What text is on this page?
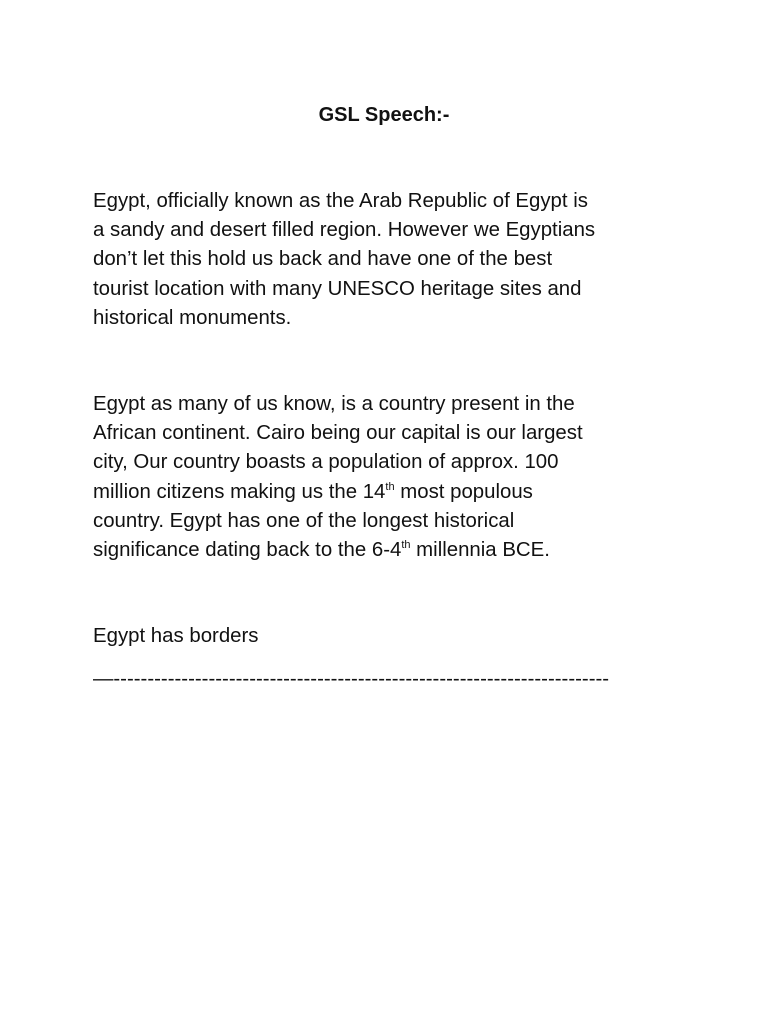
GSL Speech:-

Egypt, officially known as the Arab Republic of Egypt is
a sandy and desert filled region. However we Egyptians
don’t let this hold us back and have one of the best
tourist location with many UNESCO heritage sites and
historical monuments.

Egypt as many of us know, is a country present in the
African continent. Cairo being our capital is our largest
city, Our country boasts a population of approx. 100
million citizens making us the 14th most populous
country. Egypt has one of the longest historical
significance dating back to the 6-4th millennia BCE.

Egypt has borders

—-------------------------------------------------------------------------
